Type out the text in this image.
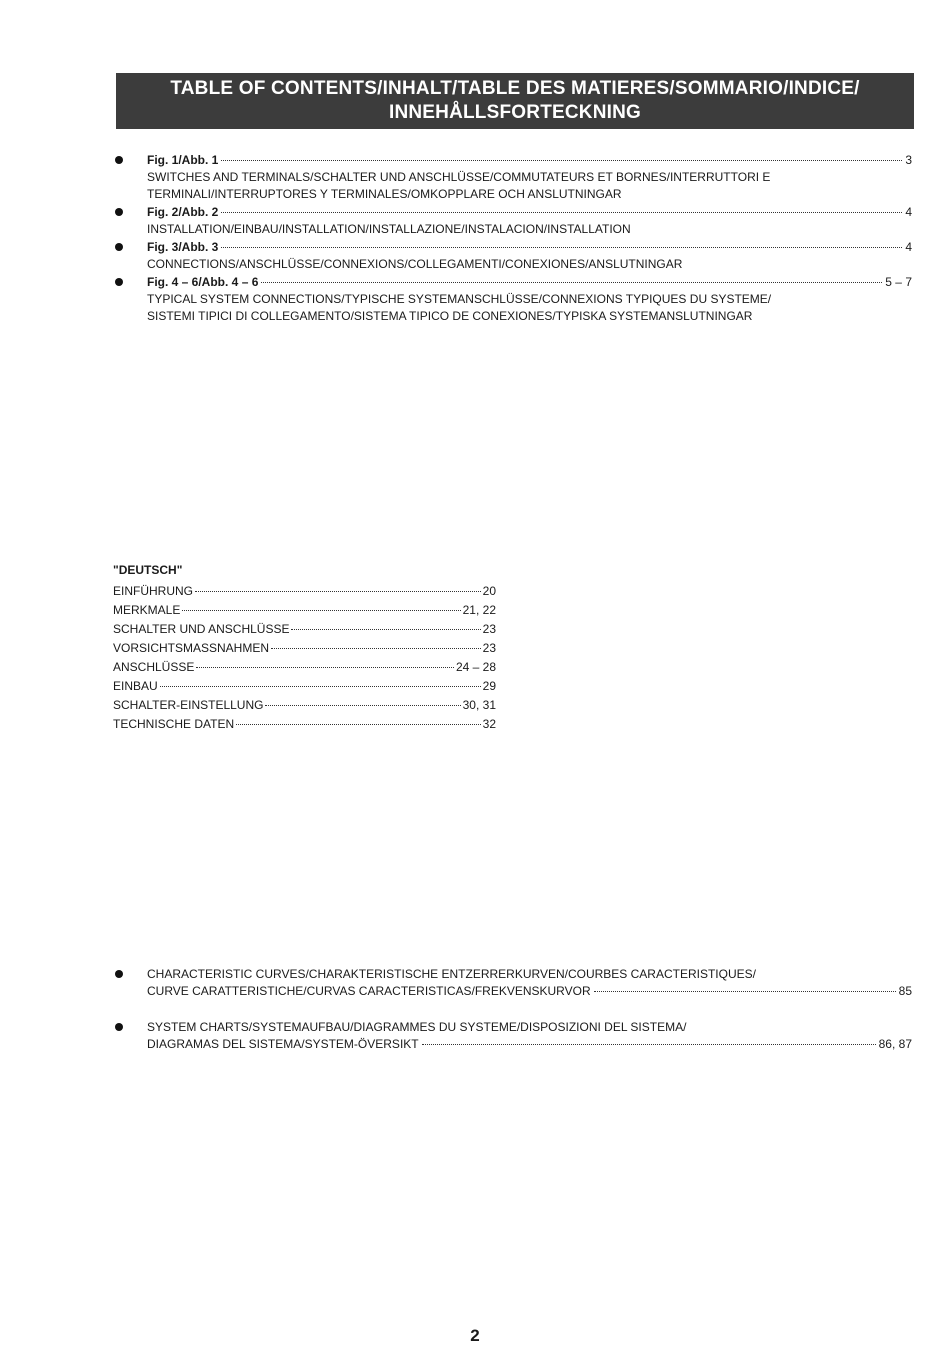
TABLE OF CONTENTS/INHALT/TABLE DES MATIERES/SOMMARIO/INDICE/
INNEHÅLLSFORTECKNING
Fig. 1/Abb. 1	3
SWITCHES AND TERMINALS/SCHALTER UND ANSCHLÜSSE/COMMUTATEURS ET BORNES/INTERRUTTORI E
TERMINALI/INTERRUPTORES Y TERMINALES/OMKOPPLARE OCH ANSLUTNINGAR
Fig. 2/Abb. 2	4
INSTALLATION/EINBAU/INSTALLATION/INSTALLAZIONE/INSTALACION/INSTALLATION
Fig. 3/Abb. 3	4
CONNECTIONS/ANSCHLÜSSE/CONNEXIONS/COLLEGAMENTI/CONEXIONES/ANSLUTNINGAR
Fig. 4 – 6/Abb. 4 – 6	5 – 7
TYPICAL SYSTEM CONNECTIONS/TYPISCHE SYSTEMANSCHLÜSSE/CONNEXIONS TYPIQUES DU SYSTEME/
SISTEMI TIPICI DI COLLEGAMENTO/SISTEMA TIPICO DE CONEXIONES/TYPISKA SYSTEMANSLUTNINGAR
"DEUTSCH"
EINFÜHRUNG	20
MERKMALE	21, 22
SCHALTER UND ANSCHLÜSSE	23
VORSICHTSMASSNAHMEN	23
ANSCHLÜSSE	24 – 28
EINBAU	29
SCHALTER-EINSTELLUNG	30, 31
TECHNISCHE DATEN	32
CHARACTERISTIC CURVES/CHARAKTERISTISCHE ENTZERRERKURVEN/COURBES CARACTERISTIQUES/
CURVE CARATTERISTICHE/CURVAS CARACTERISTICAS/FREKVENSKURVOR	85
SYSTEM CHARTS/SYSTEMAUFBAU/DIAGRAMMES DU SYSTEME/DISPOSIZIONI DEL SISTEMA/
DIAGRAMAS DEL SISTEMA/SYSTEM-ÖVERSIKT	86, 87
2
